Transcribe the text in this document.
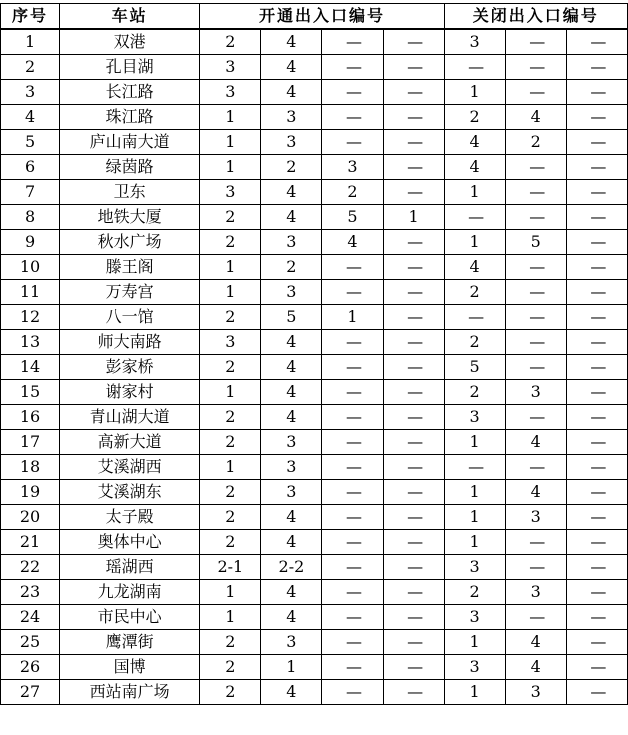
序号	车站	开通出入口编号				关闭出入口编号		
1	双港	2	4	—	—	3	—	—
2	孔目湖	3	4	—	—	—	—	—
3	长江路	3	4	—	—	1	—	—
4	珠江路	1	3	—	—	2	4	—
5	庐山南大道	1	3	—	—	4	2	—
6	绿茵路	1	2	3	—	4	—	—
7	卫东	3	4	2	—	1	—	—
8	地铁大厦	2	4	5	1	—	—	—
9	秋水广场	2	3	4	—	1	5	—
10	滕王阁	1	2	—	—	4	—	—
11	万寿宫	1	3	—	—	2	—	—
12	八一馆	2	5	1	—	—	—	—
13	师大南路	3	4	—	—	2	—	—
14	彭家桥	2	4	—	—	5	—	—
15	谢家村	1	4	—	—	2	3	—
16	青山湖大道	2	4	—	—	3	—	—
17	高新大道	2	3	—	—	1	4	—
18	艾溪湖西	1	3	—	—	—	—	—
19	艾溪湖东	2	3	—	—	1	4	—
20	太子殿	2	4	—	—	1	3	—
21	奥体中心	2	4	—	—	1	—	—
22	瑶湖西	2-1	2-2	—	—	3	—	—
23	九龙湖南	1	4	—	—	2	3	—
24	市民中心	1	4	—	—	3	—	—
25	鹰潭街	2	3	—	—	1	4	—
26	国博	2	1	—	—	3	4	—
27	西站南广场	2	4	—	—	1	3	—
